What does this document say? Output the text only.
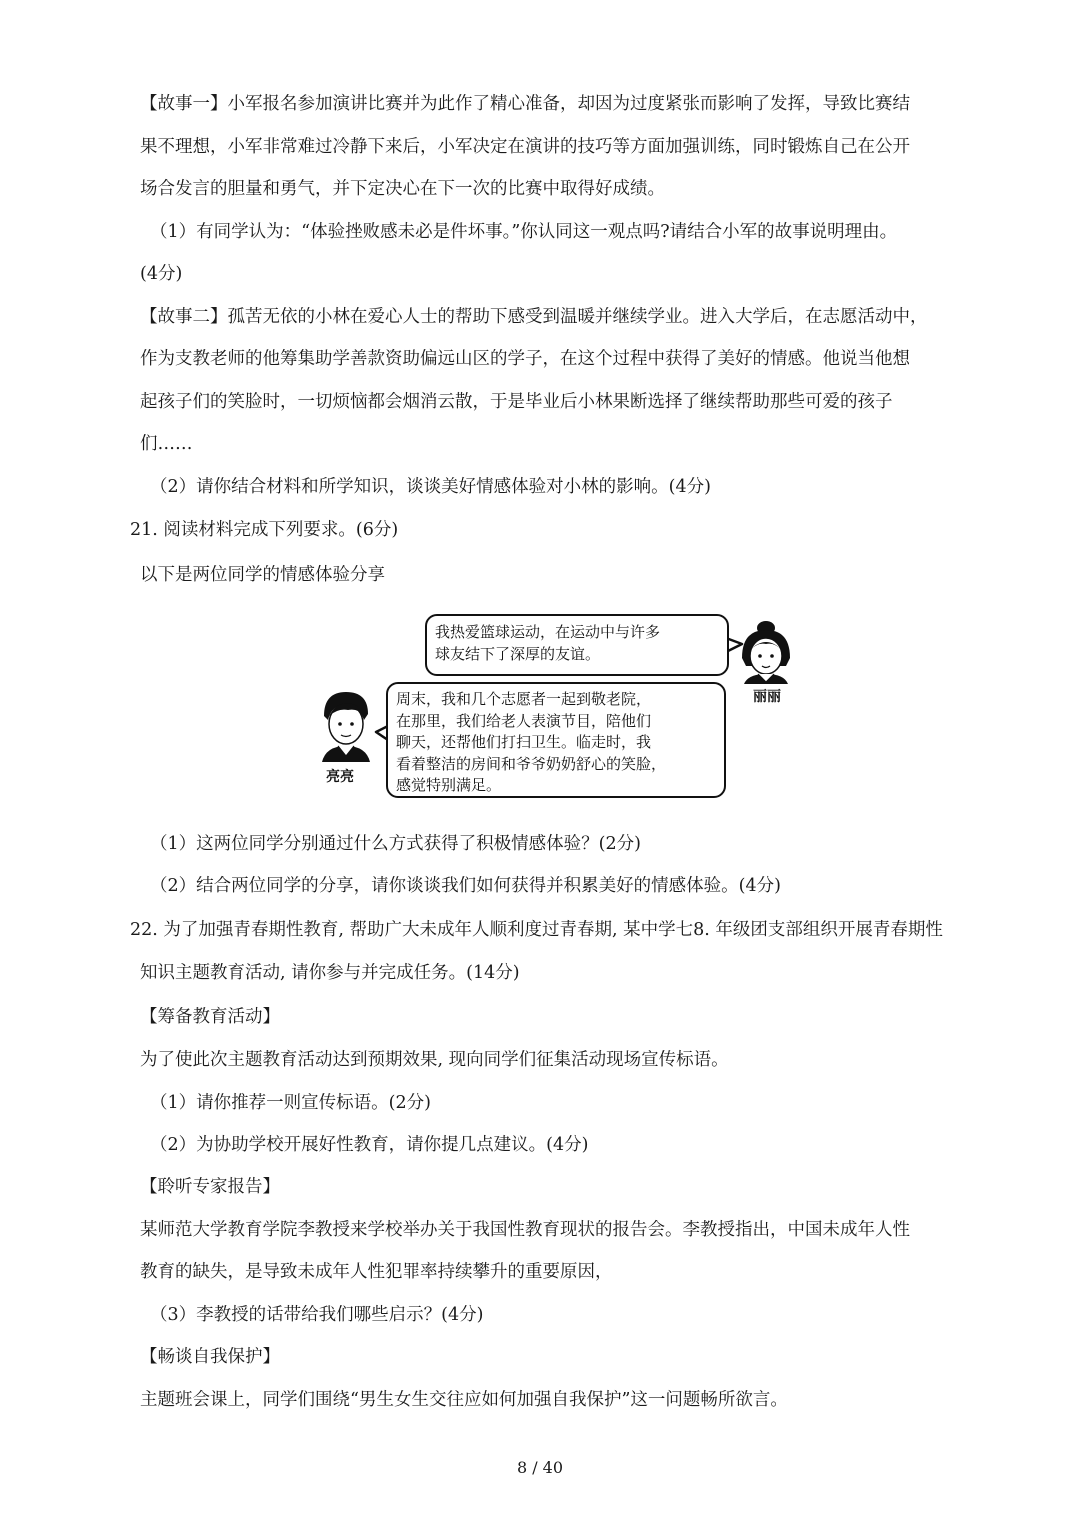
【故事一】小军报名参加演讲比赛并为此作了精心准备，却因为过度紧张而影响了发挥，导致比赛结
果不理想，小军非常难过冷静下来后，小军决定在演讲的技巧等方面加强训练，同时锻炼自己在公开
场合发言的胆量和勇气，并下定决心在下一次的比赛中取得好成绩。
（1）有同学认为：“体验挫败感未必是件坏事。”你认同这一观点吗?请结合小军的故事说明理由。
(4分)
【故事二】孤苦无依的小林在爱心人士的帮助下感受到温暖并继续学业。进入大学后，在志愿活动中，
作为支教老师的他筹集助学善款资助偏远山区的学子，在这个过程中获得了美好的情感。他说当他想
起孩子们的笑脸时，一切烦恼都会烟消云散，于是毕业后小林果断选择了继续帮助那些可爱的孩子
们……
（2）请你结合材料和所学知识，谈谈美好情感体验对小林的影响。(4分)
21. 阅读材料完成下列要求。(6分)
以下是两位同学的情感体验分享
我热爱篮球运动，在运动中与许多
球友结下了深厚的友谊。
周末，我和几个志愿者一起到敬老院，
在那里，我们给老人表演节目，陪他们
聊天，还帮他们打扫卫生。临走时，我
看着整洁的房间和爷爷奶奶舒心的笑脸，
感觉特别满足。
丽丽
亮亮
（1）这两位同学分别通过什么方式获得了积极情感体验？(2分)
（2）结合两位同学的分享，请你谈谈我们如何获得并积累美好的情感体验。(4分)
22. 为了加强青春期性教育, 帮助广大未成年人顺利度过青春期, 某中学七8. 年级团支部组织开展青春期性
知识主题教育活动, 请你参与并完成任务。(14分)
【筹备教育活动】
为了使此次主题教育活动达到预期效果, 现向同学们征集活动现场宣传标语。
（1）请你推荐一则宣传标语。(2分)
（2）为协助学校开展好性教育，请你提几点建议。(4分)
【聆听专家报告】
某师范大学教育学院李教授来学校举办关于我国性教育现状的报告会。李教授指出，中国未成年人性
教育的缺失，是导致未成年人性犯罪率持续攀升的重要原因，
（3）李教授的话带给我们哪些启示？(4分)
【畅谈自我保护】
主题班会课上，同学们围绕“男生女生交往应如何加强自我保护”这一问题畅所欲言。
8 / 40
